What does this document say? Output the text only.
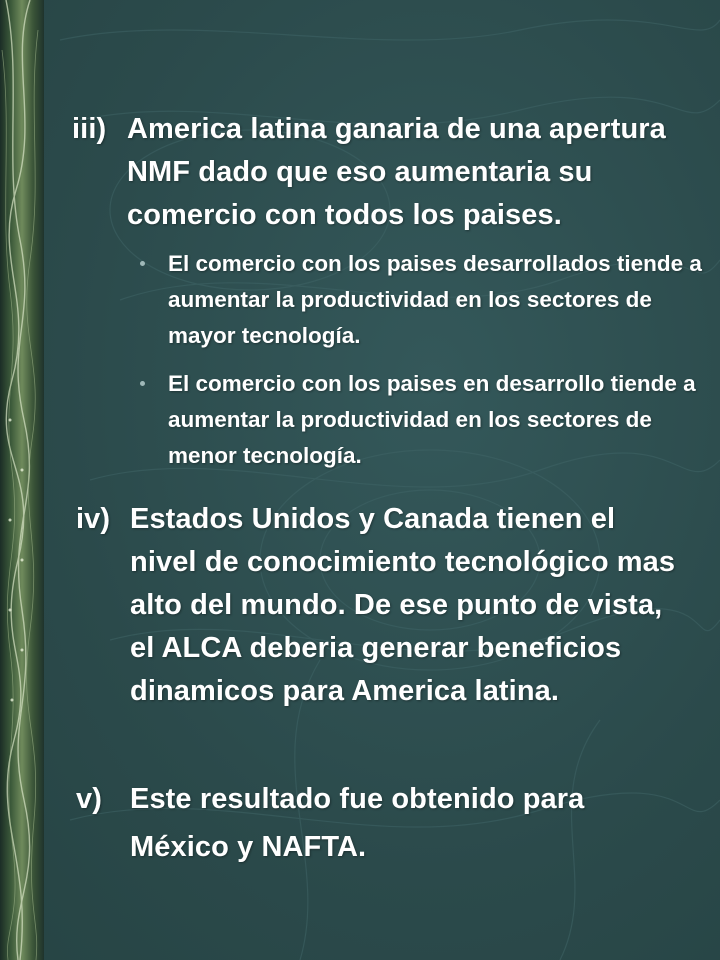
iii) America latina ganaria de una apertura NMF dado que eso aumentaria su comercio con todos los paises.
El comercio con los paises desarrollados tiende a aumentar la productividad en los sectores de mayor tecnología.
El comercio con los paises en desarrollo tiende a aumentar la productividad en los sectores de menor tecnología.
iv) Estados Unidos y Canada tienen el nivel de conocimiento tecnológico mas alto del mundo. De ese punto de vista, el ALCA deberia generar beneficios dinamicos para America latina.
v) Este resultado fue obtenido para México y NAFTA.
